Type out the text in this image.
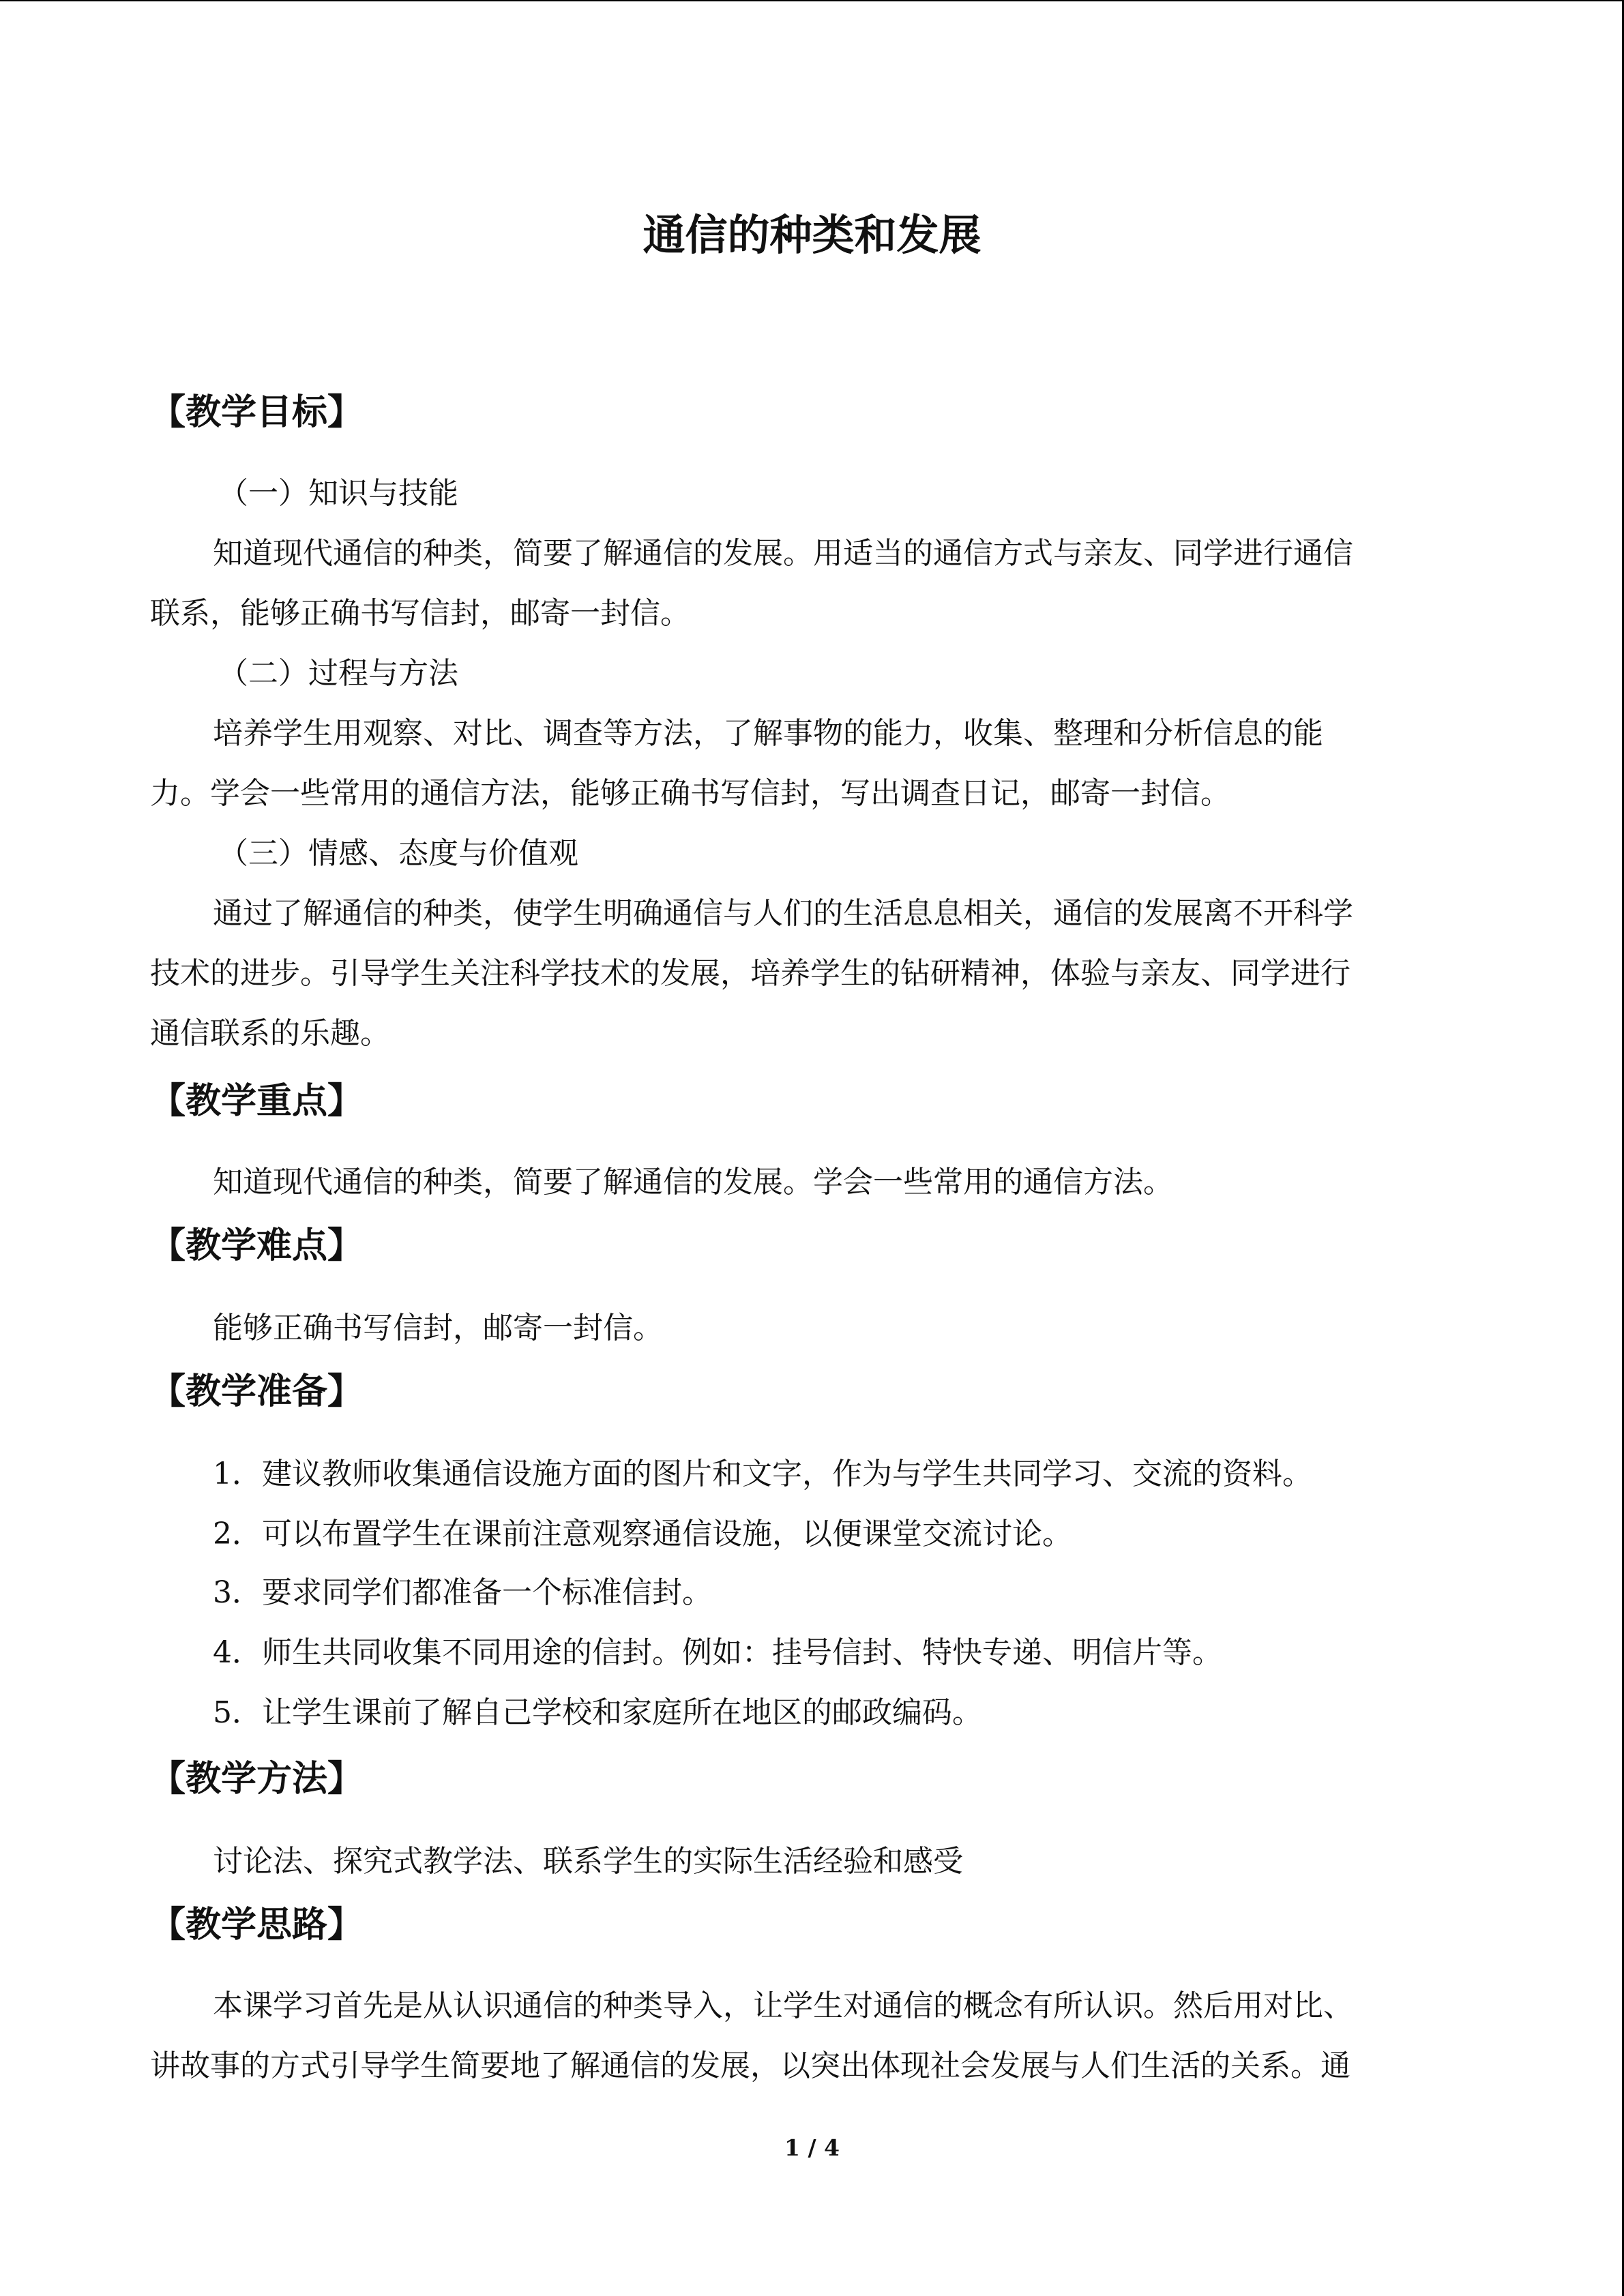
通信的种类和发展
【教学目标】
（一）知识与技能
知道现代通信的种类，简要了解通信的发展。用适当的通信方式与亲友、同学进行通信
联系，能够正确书写信封，邮寄一封信。
（二）过程与方法
培养学生用观察、对比、调查等方法，了解事物的能力，收集、整理和分析信息的能
力。学会一些常用的通信方法，能够正确书写信封，写出调查日记，邮寄一封信。
（三）情感、态度与价值观
通过了解通信的种类，使学生明确通信与人们的生活息息相关，通信的发展离不开科学
技术的进步。引导学生关注科学技术的发展，培养学生的钻研精神，体验与亲友、同学进行
通信联系的乐趣。
【教学重点】
知道现代通信的种类，简要了解通信的发展。学会一些常用的通信方法。
【教学难点】
能够正确书写信封，邮寄一封信。
【教学准备】
1．建议教师收集通信设施方面的图片和文字，作为与学生共同学习、交流的资料。
2．可以布置学生在课前注意观察通信设施，以便课堂交流讨论。
3．要求同学们都准备一个标准信封。
4．师生共同收集不同用途的信封。例如：挂号信封、特快专递、明信片等。
5．让学生课前了解自己学校和家庭所在地区的邮政编码。
【教学方法】
讨论法、探究式教学法、联系学生的实际生活经验和感受
【教学思路】
本课学习首先是从认识通信的种类导入，让学生对通信的概念有所认识。然后用对比、
讲故事的方式引导学生简要地了解通信的发展，以突出体现社会发展与人们生活的关系。通
1 / 4
